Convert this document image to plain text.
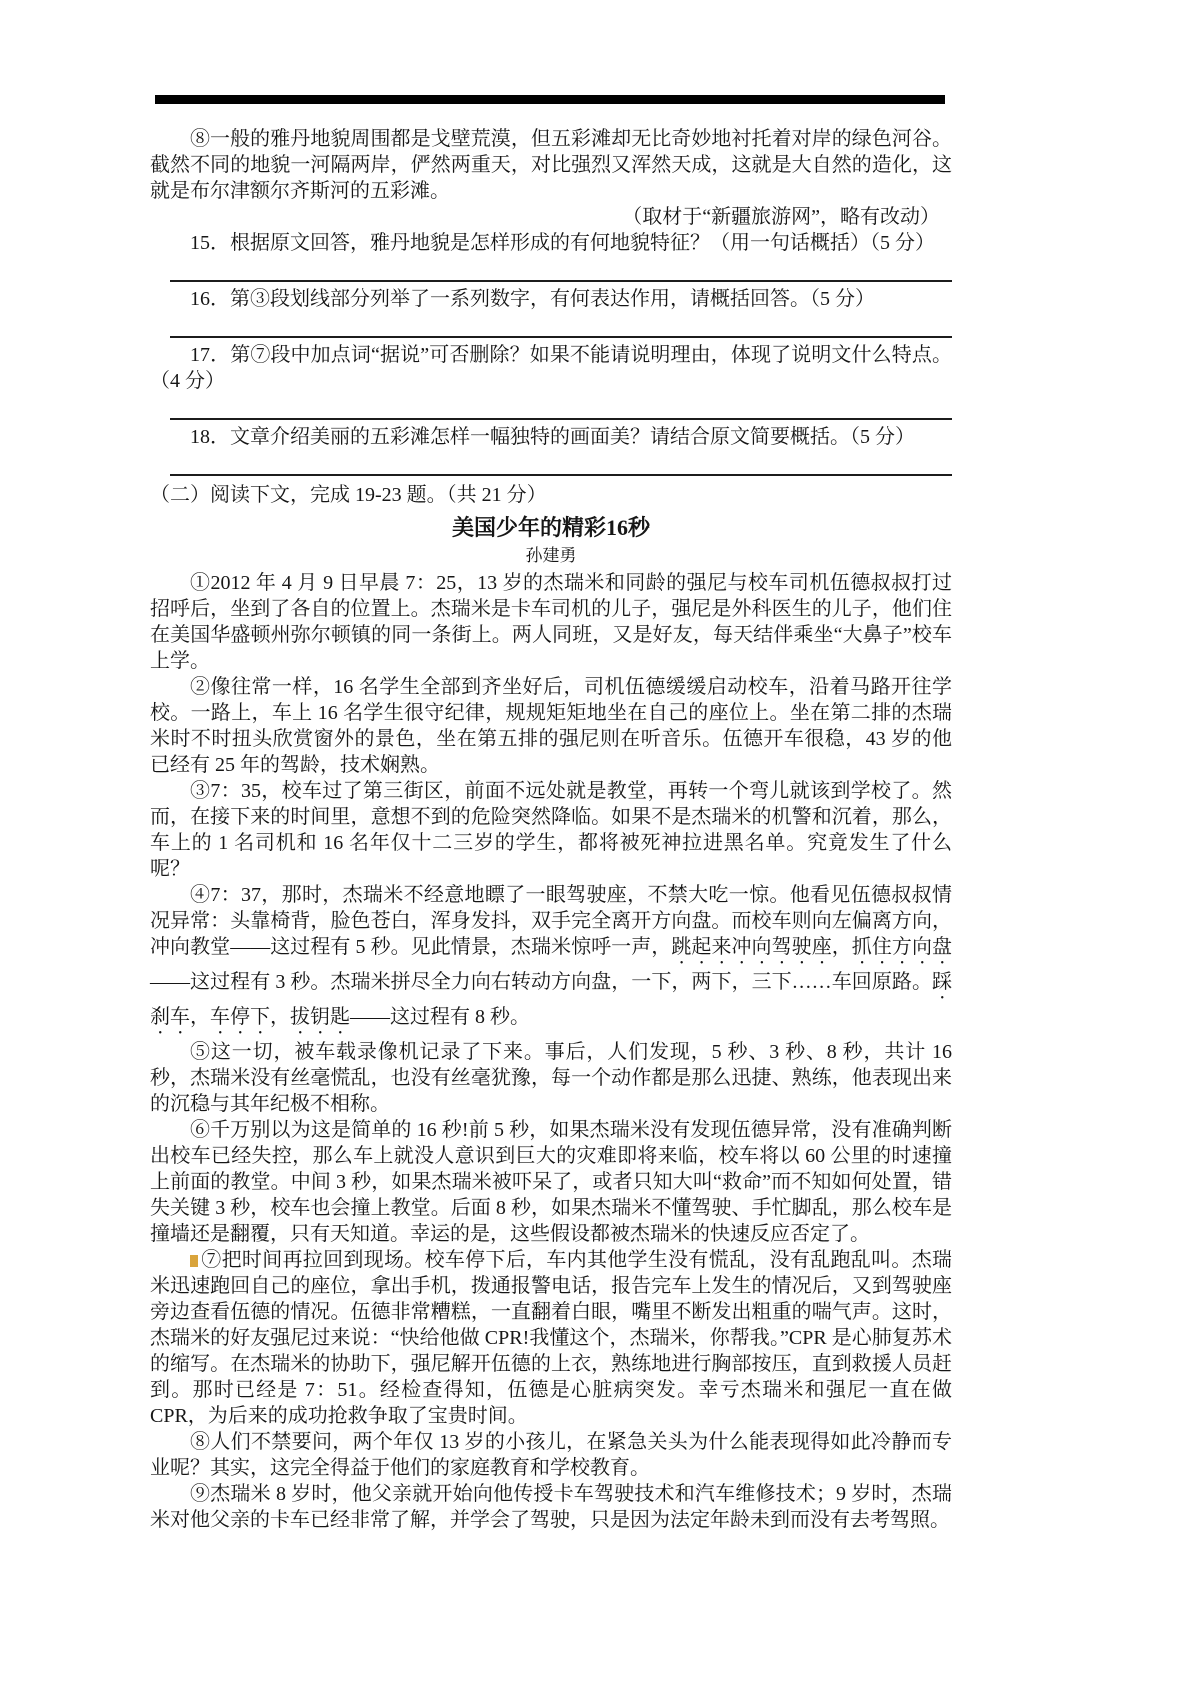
⑧一般的雅丹地貌周围都是戈壁荒漠，但五彩滩却无比奇妙地衬托着对岸的绿色河谷。截然不同的地貌一河隔两岸，俨然两重天，对比强烈又浑然天成，这就是大自然的造化，这就是布尔津额尔齐斯河的五彩滩。

（取材于“新疆旅游网”，略有改动）

15．根据原文回答，雅丹地貌是怎样形成的有何地貌特征？（用一句话概括）（5 分）

16．第③段划线部分列举了一系列数字，有何表达作用，请概括回答。（5 分）

17．第⑦段中加点词“据说”可否删除？如果不能请说明理由，体现了说明文什么特点。（4 分）

18．文章介绍美丽的五彩滩怎样一幅独特的画面美？请结合原文简要概括。（5 分）

（二）阅读下文，完成 19-23 题。（共 21 分）

美国少年的精彩16秒

孙建勇

①2012 年 4 月 9 日早晨 7：25，13 岁的杰瑞米和同龄的强尼与校车司机伍德叔叔打过招呼后，坐到了各自的位置上。杰瑞米是卡车司机的儿子，强尼是外科医生的儿子，他们住在美国华盛顿州弥尔顿镇的同一条街上。两人同班，又是好友，每天结伴乘坐“大鼻子”校车上学。

②像往常一样，16 名学生全部到齐坐好后，司机伍德缓缓启动校车，沿着马路开往学校。一路上，车上 16 名学生很守纪律，规规矩矩地坐在自己的座位上。坐在第二排的杰瑞米时不时扭头欣赏窗外的景色，坐在第五排的强尼则在听音乐。伍德开车很稳，43 岁的他已经有 25 年的驾龄，技术娴熟。

③7：35，校车过了第三街区，前面不远处就是教堂，再转一个弯儿就该到学校了。然而，在接下来的时间里，意想不到的危险突然降临。如果不是杰瑞米的机警和沉着，那么，车上的 1 名司机和 16 名年仅十二三岁的学生，都将被死神拉进黑名单。究竟发生了什么呢？

④7：37，那时，杰瑞米不经意地瞟了一眼驾驶座，不禁大吃一惊。他看见伍德叔叔情况异常：头靠椅背，脸色苍白，浑身发抖，双手完全离开方向盘。而校车则向左偏离方向，冲向教堂——这过程有 5 秒。见此情景，杰瑞米惊呼一声，跳起来冲向驾驶座，抓住方向盘——这过程有 3 秒。杰瑞米拼尽全力向右转动方向盘，一下，两下，三下……车回原路。踩刹车，车停下，拔钥匙——这过程有 8 秒。

⑤这一切，被车载录像机记录了下来。事后，人们发现，5 秒、3 秒、8 秒，共计 16 秒，杰瑞米没有丝毫慌乱，也没有丝毫犹豫，每一个动作都是那么迅捷、熟练，他表现出来的沉稳与其年纪极不相称。

⑥千万别以为这是简单的 16 秒!前 5 秒，如果杰瑞米没有发现伍德异常，没有准确判断出校车已经失控，那么车上就没人意识到巨大的灾难即将来临，校车将以 60 公里的时速撞上前面的教堂。中间 3 秒，如果杰瑞米被吓呆了，或者只知大叫“救命”而不知如何处置，错失关键 3 秒，校车也会撞上教堂。后面 8 秒，如果杰瑞米不懂驾驶、手忙脚乱，那么校车是撞墙还是翻覆，只有天知道。幸运的是，这些假设都被杰瑞米的快速反应否定了。

⑦把时间再拉回到现场。校车停下后，车内其他学生没有慌乱，没有乱跑乱叫。杰瑞米迅速跑回自己的座位，拿出手机，拨通报警电话，报告完车上发生的情况后，又到驾驶座旁边查看伍德的情况。伍德非常糟糕，一直翻着白眼，嘴里不断发出粗重的喘气声。这时，杰瑞米的好友强尼过来说：“快给他做 CPR!我懂这个，杰瑞米，你帮我。”CPR 是心肺复苏术的缩写。在杰瑞米的协助下，强尼解开伍德的上衣，熟练地进行胸部按压，直到救援人员赶到。那时已经是 7：51。经检查得知，伍德是心脏病突发。幸亏杰瑞米和强尼一直在做 CPR，为后来的成功抢救争取了宝贵时间。

⑧人们不禁要问，两个年仅 13 岁的小孩儿，在紧急关头为什么能表现得如此冷静而专业呢？其实，这完全得益于他们的家庭教育和学校教育。

⑨杰瑞米 8 岁时，他父亲就开始向他传授卡车驾驶技术和汽车维修技术；9 岁时，杰瑞米对他父亲的卡车已经非常了解，并学会了驾驶，只是因为法定年龄未到而没有去考驾照。
